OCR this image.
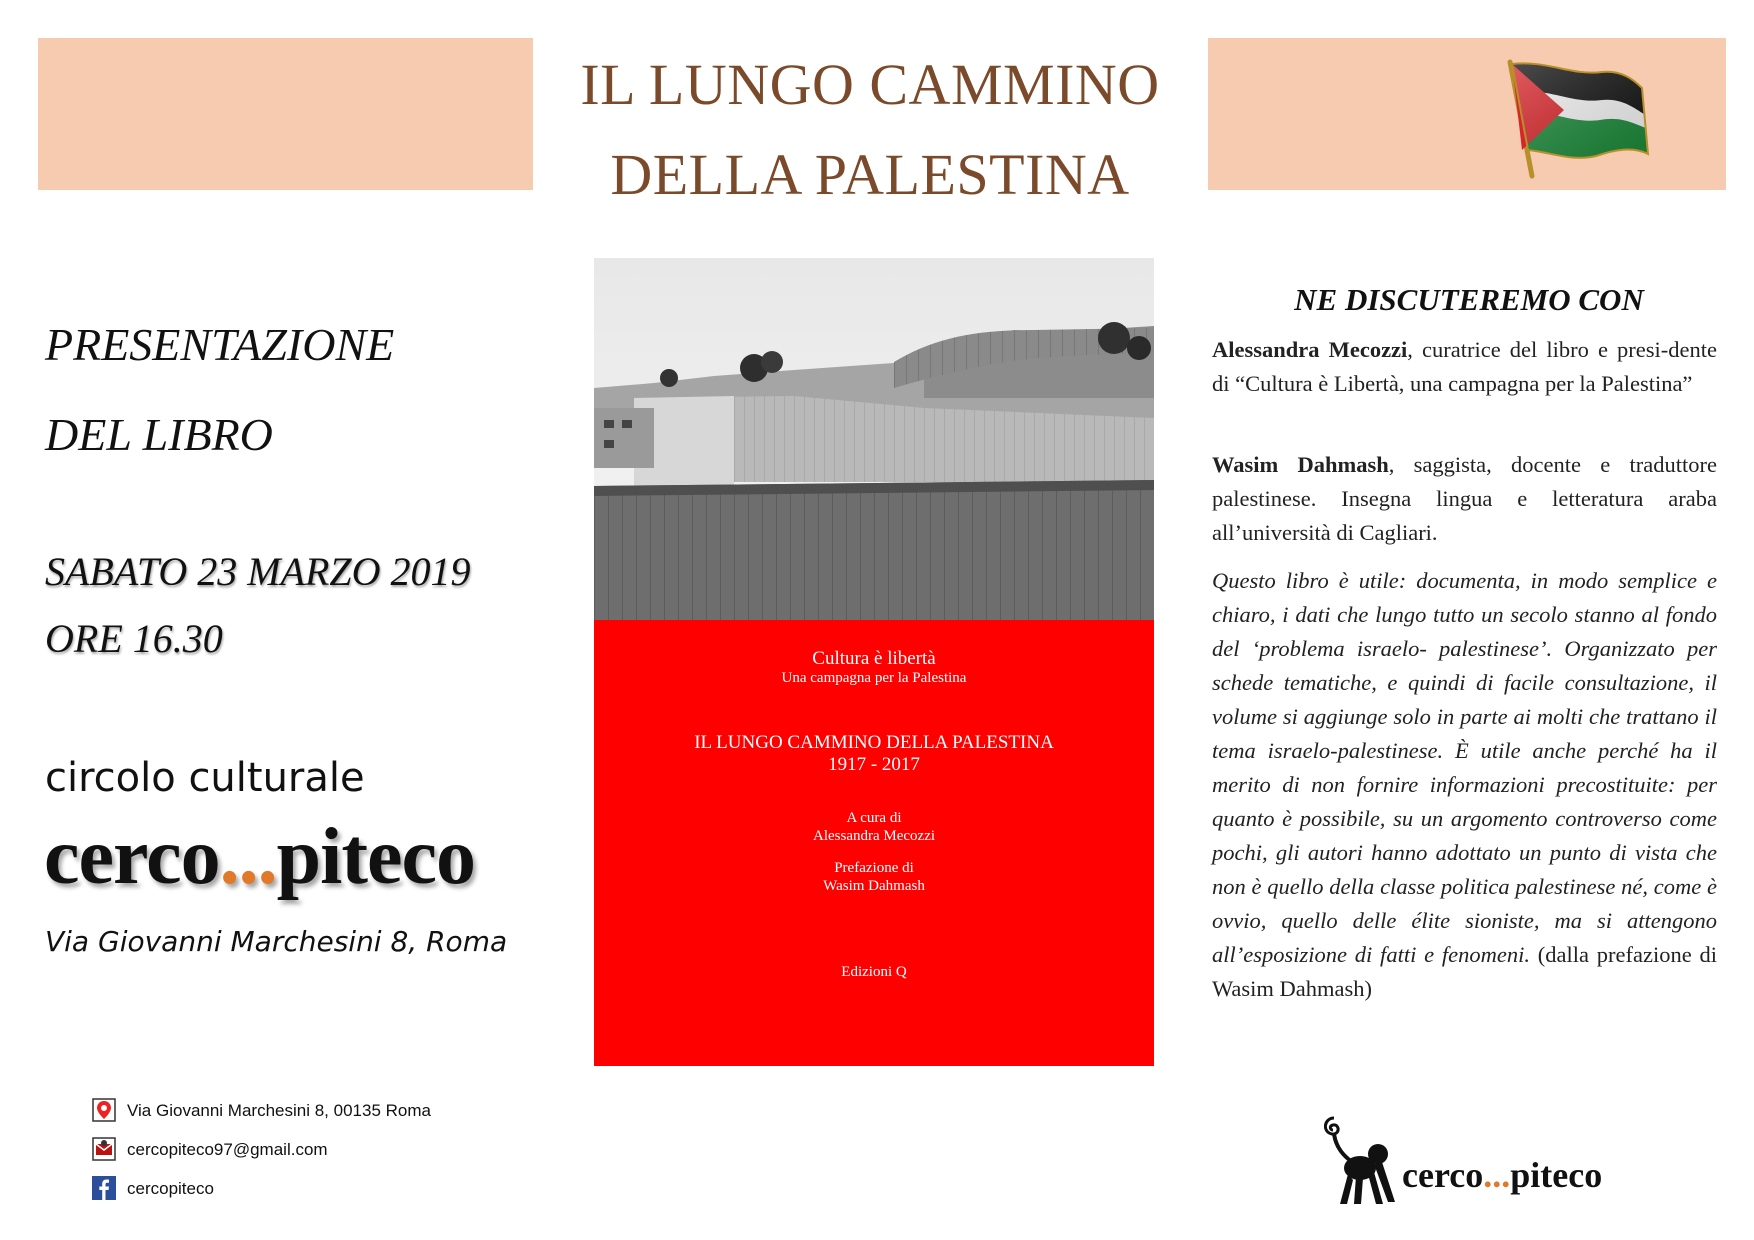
IL LUNGO CAMMINO
DELLA PALESTINA
PRESENTAZIONE
DEL LIBRO
SABATO 23 MARZO 2019
ORE 16.30
circolo culturale
cerco...piteco
Via Giovanni Marchesini 8, Roma
Via Giovanni Marchesini 8, 00135 Roma
cercopiteco97@gmail.com
cercopiteco
Cultura è libertà
Una campagna per la Palestina
IL LUNGO CAMMINO DELLA PALESTINA
1917 - 2017
A cura di
Alessandra Mecozzi
Prefazione di
Wasim Dahmash
Edizioni Q
NE DISCUTEREMO CON
Alessandra Mecozzi, curatrice del libro e presi-dente di “Cultura è Libertà, una campagna per la Palestina”
Wasim Dahmash, saggista, docente e traduttore palestinese. Insegna lingua e letteratura araba all’università di Cagliari.
Questo libro è utile: documenta, in modo semplice e chiaro, i dati che lungo tutto un secolo stanno al fondo del ‘problema israelo- palestinese’. Organizzato per schede tematiche, e quindi di facile consultazione, il volume si aggiunge solo in parte ai molti che trattano il tema israelo-palestinese. È utile anche perché ha il merito di non fornire informazioni precostituite: per quanto è possibile, su un argomento controverso come pochi, gli autori hanno adottato un punto di vista che non è quello della classe politica palestinese né, come è ovvio, quello delle élite sioniste, ma si attengono all’esposizione di fatti e fenomeni. (dalla prefazione di Wasim Dahmash)
cerco...piteco
